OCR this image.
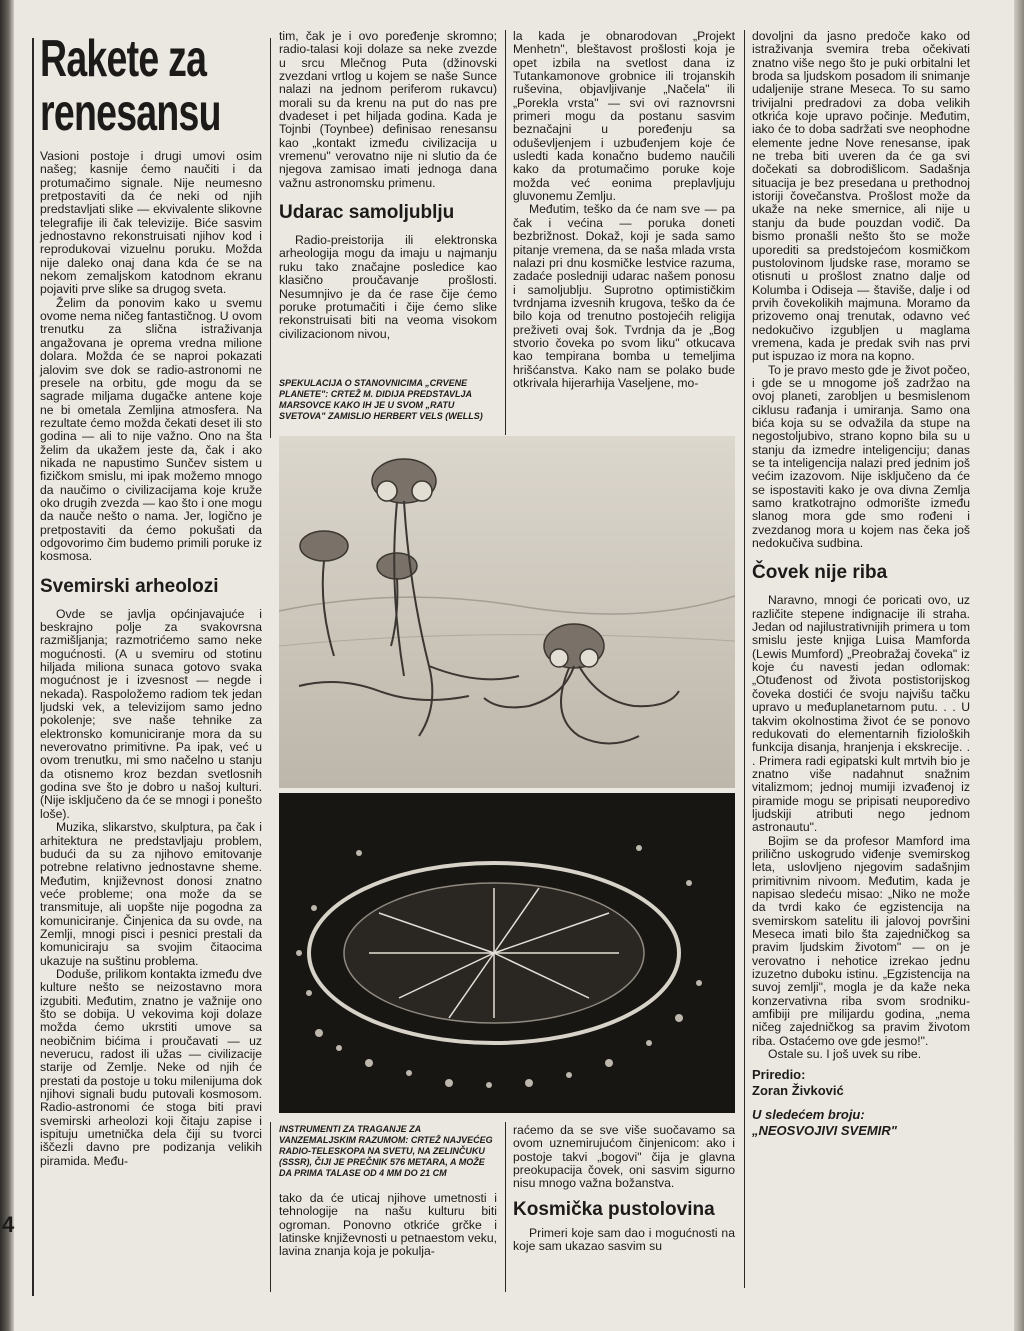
4
Rakete za
renesansu

Vasioni postoje i drugi umovi osim našeg; kasnije ćemo naučiti i da protumačimo signale. Nije neumesno pretpostaviti da će neki od njih predstavljati slike — ekvivalente slikovne telegrafije ili čak televizije. Biće sasvim jednostavno rekonstruisati njihov kod i reprodukovai vizuelnu poruku. Možda nije daleko onaj dana kda će se na nekom zemaljskom katodnom ekranu pojaviti prve slike sa drugog sveta.

Želim da ponovim kako u svemu ovome nema ničeg fantastičnog. U ovom trenutku za slična istraživanja angažovana je oprema vredna milione dolara. Možda će se naproi pokazati jalovim sve dok se radio-astronomi ne presele na orbitu, gde mogu da se sagrade miljama dugačke antene koje ne bi ometala Zemljina atmosfera. Na rezultate ćemo možda čekati deset ili sto godina — ali to nije važno. Ono na šta želim da ukažem jeste da, čak i ako nikada ne napustimo Sunčev sistem u fizičkom smislu, mi ipak možemo mnogo da naučimo o civilizacijama koje kruže oko drugih zvezda — kao što i one mogu da nauče nešto o nama. Jer, logično je pretpostaviti da ćemo pokušati da odgovorimo čim budemo primili poruke iz kosmosa.

Svemirski arheolozi

Ovde se javlja općinjavajuće i beskrajno polje za svakovrsna razmišljanja; razmotrićemo samo neke mogućnosti. (A u svemiru od stotinu hiljada miliona sunaca gotovo svaka mogućnost je i izvesnost — negde i nekada). Raspoložemo radiom tek jedan ljudski vek, a televizijom samo jedno pokolenje; sve naše tehnike za elektronsko komuniciranje mora da su neverovatno primitivne. Pa ipak, već u ovom trenutku, mi smo načelno u stanju da otisnemo kroz bezdan svetlosnih godina sve što je dobro u našoj kulturi. (Nije isključeno da će se mnogi i ponešto loše).

Muzika, slikarstvo, skulptura, pa čak i arhitektura ne predstavljaju problem, budući da su za njihovo emitovanje potrebne relativno jednostavne sheme. Međutim, književnost donosi znatno veće probleme; ona može da se transmituje, ali uopšte nije pogodna za komuniciranje. Činjenica da su ovde, na Zemlji, mnogi pisci i pesnici prestali da komuniciraju sa svojim čitaocima ukazuje na suštinu problema.

Doduše, prilikom kontakta između dve kulture nešto se neizostavno mora izgubiti. Međutim, znatno je važnije ono što se dobija. U vekovima koji dolaze možda ćemo ukrstiti umove sa neobičnim bićima i proučavati — uz neverucu, radost ili užas — civilizacije starije od Zemlje. Neke od njih će prestati da postoje u toku milenijuma dok njihovi signali budu putovali kosmosom. Radio-astronomi će stoga biti pravi svemirski arheolozi koji čitaju zapise i ispituju umetnička dela čiji su tvorci iščezli davno pre podizanja velikih piramida. Među-

tim, čak je i ovo poređenje skromno; radio-talasi koji dolaze sa neke zvezde u srcu Mlečnog Puta (džinovski zvezdani vrtlog u kojem se naše Sunce nalazi na jednom periferom rukavcu) morali su da krenu na put do nas pre dvadeset i pet hiljada godina. Kada je Tojnbi (Toynbee) definisao renesansu kao „kontakt između civilizacija u vremenu" verovatno nije ni slutio da će njegova zamisao imati jednoga dana važnu astronomsku primenu.

Udarac samoljublju

Radio-preistorija ili elektronska arheologija mogu da imaju u najmanju ruku tako značajne posledice kao klasično proučavanje prošlosti. Nesumnjivo je da će rase čije ćemo poruke protumačiti i čije ćemo slike rekonstruisati biti na veoma visokom civilizacionom nivou,

la kada je obnarodovan „Projekt Menhetn", bleštavost prošlosti koja je opet izbila na svetlost dana iz Tutankamonove grobnice ili trojanskih ruševina, objavljivanje „Načela" ili „Porekla vrsta" — svi ovi raznovrsni primeri mogu da postanu sasvim beznačajni u poređenju sa oduševljenjem i uzbuđenjem koje će usledti kada konačno budemo naučili kako da protumačimo poruke koje možda već eonima preplavljuju gluvonemu Zemlju.

Međutim, teško da će nam sve — pa čak i većina — poruka doneti bezbrižnost. Dokaž, koji je sada samo pitanje vremena, da se naša mlada vrsta nalazi pri dnu kosmičke lestvice razuma, zadaće posledniji udarac našem ponosu i samoljublju. Suprotno optimističkim tvrdnjama izvesnih krugova, teško da će bilo koja od trenutno postojećih religija preživeti ovaj šok. Tvrdnja da je „Bog stvorio čoveka po svom liku" otkucava kao tempirana bomba u temeljima hrišćanstva. Kako nam se polako bude otkrivala hijerarhija Vaseljene, mo-

SPEKULACIJA O STANOVNICIMA „CRVENE PLANETE": CRTEŽ M. DIDIJA PREDSTAVLJA MARSOVCE KAKO IH JE U SVOM „RATU SVETOVA" ZAMISLIO HERBERT VELS (WELLS)
INSTRUMENTI ZA TRAGANJE ZA VANZEMALJSKIM RAZUMOM: CRTEŽ NAJVEĆEG RADIO-TELESKOPA NA SVETU, NA ZELINČUKU (SSSR), ČIJI JE PREČNIK 576 METARA, A MOŽE DA PRIMA TALASE OD 4 MM DO 21 CM

tako da će uticaj njihove umetnosti i tehnologije na našu kulturu biti ogroman. Ponovno otkriće grčke i latinske književnosti u petnaestom veku, lavina znanja koja je pokulja-

raćemo da se sve više suočavamo sa ovom uznemirujućom činjenicom: ako i postoje takvi „bogovi" čija je glavna preokupacija čovek, oni sasvim sigurno nisu mnogo važna božanstva.

Kosmička pustolovina

Primeri koje sam dao i mogućnosti na koje sam ukazao sasvim su

dovoljni da jasno predoče kako od istraživanja svemira treba očekivati znatno više nego što je puki orbitalni let broda sa ljudskom posadom ili snimanje udaljenije strane Meseca. To su samo trivijalni predradovi za doba velikih otkrića koje upravo počinje. Međutim, iako će to doba sadržati sve neophodne elemente jedne Nove renesanse, ipak ne treba biti uveren da će ga svi dočekati sa dobrodišlicom. Sadašnja situacija je bez presedana u prethodnoj istoriji čovečanstva. Prošlost može da ukaže na neke smernice, ali nije u stanju da bude pouzdan vodič. Da bismo pronašli nešto što se može uporediti sa predstojećom kosmičkom pustolovinom ljudske rase, moramo se otisnuti u prošlost znatno dalje od Kolumba i Odiseja — štaviše, dalje i od prvih čovekolikih majmuna. Moramo da prizovemo onaj trenutak, odavno već nedokučivo izgubljen u maglama vremena, kada je predak svih nas prvi put ispuzao iz mora na kopno.

To je pravo mesto gde je život počeo, i gde se u mnogome još zadržao na ovoj planeti, zarobljen u besmislenom ciklusu rađanja i umiranja. Samo ona bića koja su se odvažila da stupe na negostoljubivo, strano kopno bila su u stanju da izmedre inteligenciju; danas se ta inteligencija nalazi pred jednim još većim izazovom. Nije isključeno da će se ispostaviti kako je ova divna Zemlja samo kratkotrajno odmorište između slanog mora gde smo rođeni i zvezdanog mora u kojem nas čeka još nedokučiva sudbina.

Čovek nije riba

Naravno, mnogi će poricati ovo, uz različite stepene indignacije ili straha. Jedan od najilustrativnijih primera u tom smislu jeste knjiga Luisa Mamforda (Lewis Mumford) „Preobražaj čoveka" iz koje ću navesti jedan odlomak: „Otuđenost od života postistorijskog čoveka dostići će svoju najvišu tačku upravo u međuplanetarnom putu. . . U takvim okolnostima život će se ponovo redukovati do elementarnih fizioloških funkcija disanja, hranjenja i ekskrecije. . . Primera radi egipatski kult mrtvih bio je znatno više nadahnut snažnim vitalizmom; jednoj mumiji izvađenoj iz piramide mogu se pripisati neuporedivo ljudskiji atributi nego jednom astronautu".

Bojim se da profesor Mamford ima prilično uskogrudo viđenje svemirskog leta, uslovljeno njegovim sadašnjim primitivnim nivoom. Međutim, kada je napisao sledeću misao: „Niko ne može da tvrdi kako će egzistencija na svemirskom satelitu ili jalovoj površini Meseca imati bilo šta zajedničkog sa pravim ljudskim životom" — on je verovatno i nehotice izrekao jednu izuzetno duboku istinu. „Egzistencija na suvoj zemlji", mogla je da kaže neka konzervativna riba svom srodniku-amfibiji pre milijardu godina, „nema ničeg zajedničkog sa pravim životom riba. Ostaćemo ove gde jesmo!".

Ostale su. I još uvek su ribe.

Priredio:
Zoran Živković
U sledećem broju:
„NEOSVOJIVI SVEMIR"
